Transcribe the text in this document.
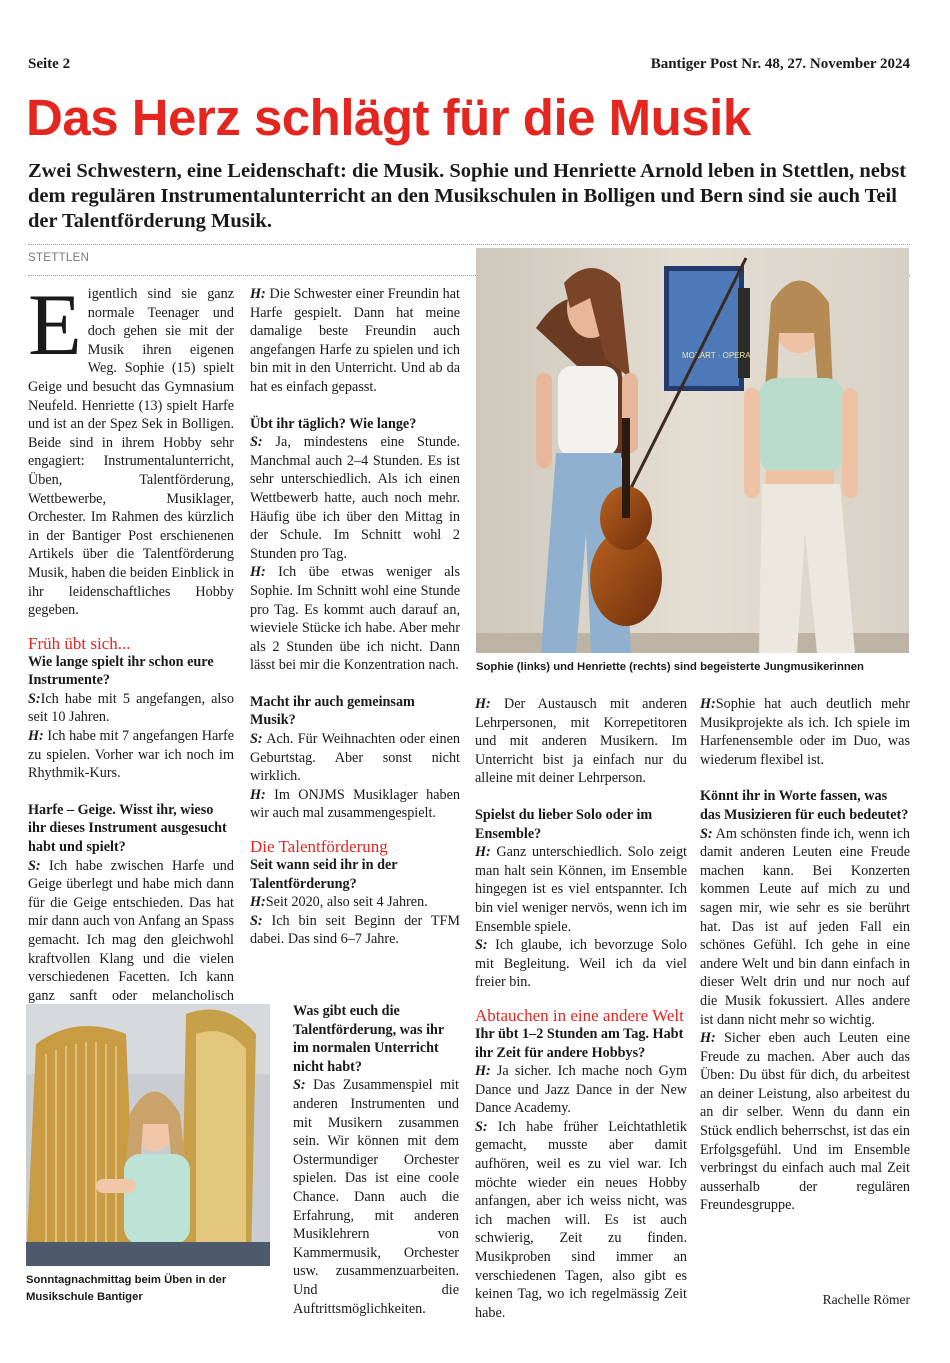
Seite 2	Bantiger Post Nr. 48, 27. November 2024
Das Herz schlägt für die Musik

Zwei Schwestern, eine Leidenschaft: die Musik. Sophie und Henriette Arnold leben in Stettlen, nebst dem regulären Instrumentalunterricht an den Musikschulen in Bolligen und Bern sind sie auch Teil der Talentförderung Musik.

STETTLEN

Eigentlich sind sie ganz normale Teenager und doch gehen sie mit der Musik ihren eigenen Weg. Sophie (15) spielt Geige und besucht das Gymnasium Neufeld. Henriette (13) spielt Harfe und ist an der Spez Sek in Bolligen. Beide sind in ihrem Hobby sehr engagiert: Instrumentalunterricht, Üben, Talentförderung, Wettbewerbe, Musiklager, Orchester. Im Rahmen des kürzlich in der Bantiger Post erschienenen Artikels über die Talentförderung Musik, haben die beiden Einblick in ihr leidenschaftliches Hobby gegeben.

Früh übt sich...

Wie lange spielt ihr schon eure Instrumente?

S:Ich habe mit 5 angefangen, also seit 10 Jahren.

H: Ich habe mit 7 angefangen Harfe zu spielen. Vorher war ich noch im Rhythmik-Kurs.

Harfe – Geige. Wisst ihr, wieso ihr dieses Instrument ausgesucht habt und spielt?

S: Ich habe zwischen Harfe und Geige überlegt und habe mich dann für die Geige entschieden. Das hat mir dann auch von Anfang an Spass gemacht. Ich mag den gleichwohl kraftvollen Klang und die vielen verschiedenen Facetten. Ich kann ganz sanft oder melancholisch

H: Die Schwester einer Freundin hat Harfe gespielt. Dann hat meine damalige beste Freundin auch angefangen Harfe zu spielen und ich bin mit in den Unterricht. Und ab da hat es einfach gepasst.

Übt ihr täglich? Wie lange?

S: Ja, mindestens eine Stunde. Manchmal auch 2–4 Stunden. Es ist sehr unterschiedlich. Als ich einen Wettbewerb hatte, auch noch mehr. Häufig übe ich über den Mittag in der Schule. Im Schnitt wohl 2 Stunden pro Tag.

H: Ich übe etwas weniger als Sophie. Im Schnitt wohl eine Stunde pro Tag. Es kommt auch darauf an, wieviele Stücke ich habe. Aber mehr als 2 Stunden übe ich nicht. Dann lässt bei mir die Konzentration nach.

Macht ihr auch gemeinsam Musik?

S: Ach. Für Weihnachten oder einen Geburtstag. Aber sonst nicht wirklich.

H: Im ONJMS Musiklager haben wir auch mal zusammengespielt.

Die Talentförderung

Seit wann seid ihr in der Talentförderung?

H:Seit 2020, also seit 4 Jahren.

S: Ich bin seit Beginn der TFM dabei. Das sind 6–7 Jahre.

Was gibt euch die Talentförderung, was ihr im normalen Unterricht nicht habt?

S: Das Zusammenspiel mit anderen Instrumenten und mit Musikern zusammen sein. Wir können mit dem Ostermundiger Orchester spielen. Das ist eine coole Chance. Dann auch die Erfahrung, mit anderen Musiklehrern von Kammermusik, Orchester usw. zusammenzuarbeiten. Und die Auftrittsmöglichkeiten.

MOZART · OPERA
Sophie (links) und Henriette (rechts) sind begeisterte Jungmusikerinnen

H: Der Austausch mit anderen Lehrpersonen, mit Korrepetitoren und mit anderen Musikern. Im Unterricht bist ja einfach nur du alleine mit deiner Lehrperson.

Spielst du lieber Solo oder im Ensemble?

H: Ganz unterschiedlich. Solo zeigt man halt sein Können, im Ensemble hingegen ist es viel entspannter. Ich bin viel weniger nervös, wenn ich im Ensemble spiele.

S: Ich glaube, ich bevorzuge Solo mit Begleitung. Weil ich da viel freier bin.

Abtauchen in eine andere Welt

Ihr übt 1–2 Stunden am Tag. Habt ihr Zeit für andere Hobbys?

H: Ja sicher. Ich mache noch Gym Dance und Jazz Dance in der New Dance Academy.

S: Ich habe früher Leichtathletik gemacht, musste aber damit aufhören, weil es zu viel war. Ich möchte wieder ein neues Hobby anfangen, aber ich weiss nicht, was ich machen will. Es ist auch schwierig, Zeit zu finden. Musikproben sind immer an verschiedenen Tagen, also gibt es keinen Tag, wo ich regelmässig Zeit habe.

H:Sophie hat auch deutlich mehr Musikprojekte als ich. Ich spiele im Harfenensemble oder im Duo, was wiederum flexibel ist.

Könnt ihr in Worte fassen, was das Musizieren für euch bedeutet?

S: Am schönsten finde ich, wenn ich damit anderen Leuten eine Freude machen kann. Bei Konzerten kommen Leute auf mich zu und sagen mir, wie sehr es sie berührt hat. Das ist auf jeden Fall ein schönes Gefühl. Ich gehe in eine andere Welt und bin dann einfach in dieser Welt drin und nur noch auf die Musik fokussiert. Alles andere ist dann nicht mehr so wichtig.

H: Sicher eben auch Leuten eine Freude zu machen. Aber auch das Üben: Du übst für dich, du arbeitest an deiner Leistung, also arbeitest du an dir selber. Wenn du dann ein Stück endlich beherrschst, ist das ein Erfolgsgefühl. Und im Ensemble verbringst du einfach auch mal Zeit ausserhalb der regulären Freundesgruppe.

Rachelle Römer
Sonntagnachmittag beim Üben in der Musikschule Bantiger
